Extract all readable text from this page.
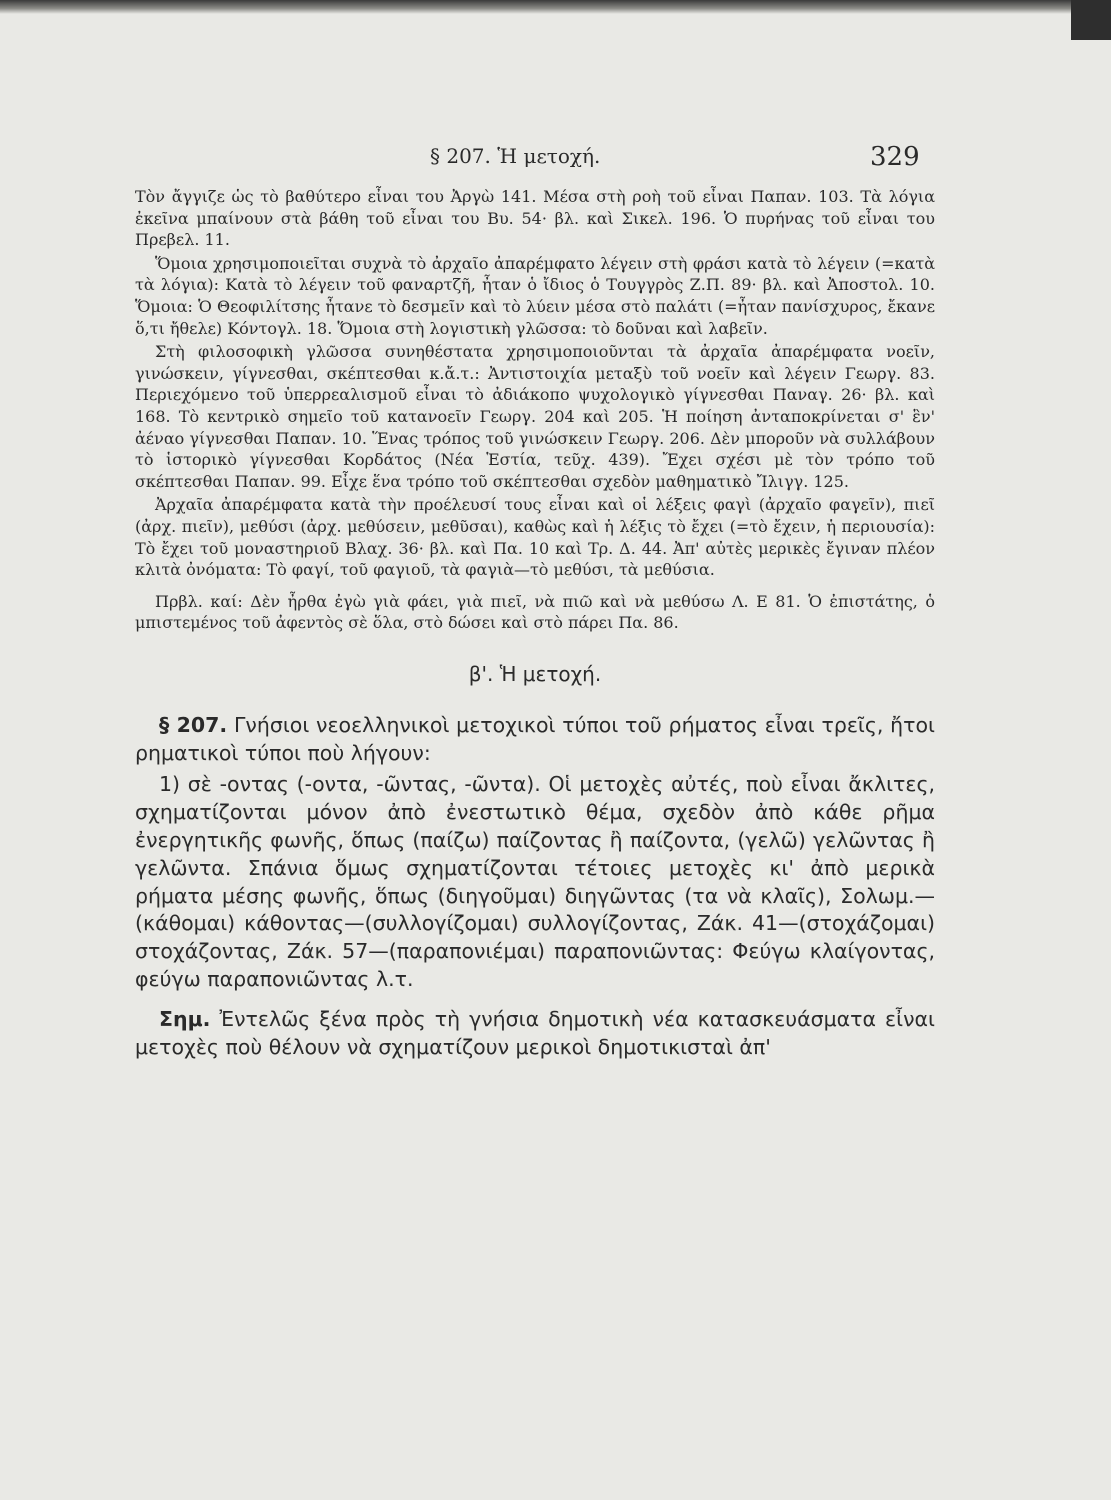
§ 207. Ἡ μετοχή.	329

Τὸν ἄγγιζε ὡς τὸ βαθύτερο εἶναι του Ἀργὼ 141. Μέσα στὴ ροὴ τοῦ εἶναι Παπαν. 103. Τὰ λόγια ἐκεῖνα μπαίνουν στὰ βάθη τοῦ εἶναι του Βυ. 54· βλ. καὶ Σικελ. 196. Ὁ πυρήνας τοῦ εἶναι του Πρεβελ. 11.

Ὅμοια χρησιμοποιεῖται συχνὰ τὸ ἀρχαῖο ἀπαρέμφατο λέγειν στὴ φράσι κατὰ τὸ λέγειν (=κατὰ τὰ λόγια): Κατὰ τὸ λέγειν τοῦ φαναρτζῆ, ἦταν ὁ ἴδιος ὁ Τουγγρὸς Ζ.Π. 89· βλ. καὶ Ἀποστολ. 10. Ὅμοια: Ὁ Θεοφιλίτσης ἦτανε τὸ δεσμεῖν καὶ τὸ λύειν μέσα στὸ παλάτι (=ἦταν πανίσχυρος, ἔκανε ὅ,τι ἤθελε) Κόντογλ. 18. Ὅμοια στὴ λογιστικὴ γλῶσσα: τὸ δοῦναι καὶ λαβεῖν.

Στὴ φιλοσοφικὴ γλῶσσα συνηθέστατα χρησιμοποιοῦνται τὰ ἀρχαῖα ἀπαρέμφατα νοεῖν, γινώσκειν, γίγνεσθαι, σκέπτεσθαι κ.ἄ.τ.: Ἀντιστοιχία μεταξὺ τοῦ νοεῖν καὶ λέγειν Γεωργ. 83. Περιεχόμενο τοῦ ὑπερρεαλισμοῦ εἶναι τὸ ἀδιάκοπο ψυχολογικὸ γίγνεσθαι Παναγ. 26· βλ. καὶ 168. Τὸ κεντρικὸ σημεῖο τοῦ κατανοεῖν Γεωργ. 204 καὶ 205. Ἡ ποίηση ἀνταποκρίνεται σ' ἓν' ἀέναο γίγνεσθαι Παπαν. 10. Ἕνας τρόπος τοῦ γινώσκειν Γεωργ. 206. Δὲν μποροῦν νὰ συλλάβουν τὸ ἱστορικὸ γίγνεσθαι Κορδάτος (Νέα Ἑστία, τεῦχ. 439). Ἔχει σχέσι μὲ τὸν τρόπο τοῦ σκέπτεσθαι Παπαν. 99. Εἶχε ἕνα τρόπο τοῦ σκέπτεσθαι σχεδὸν μαθηματικὸ Ἴλιγγ. 125.

Ἀρχαῖα ἀπαρέμφατα κατὰ τὴν προέλευσί τους εἶναι καὶ οἱ λέξεις φαγὶ (ἀρχαῖο φαγεῖν), πιεῖ (ἀρχ. πιεῖν), μεθύσι (ἀρχ. μεθύσειν, μεθῦσαι), καθὼς καὶ ἡ λέξις τὸ ἔχει (=τὸ ἔχειν, ἡ περιουσία): Τὸ ἔχει τοῦ μοναστηριοῦ Βλαχ. 36· βλ. καὶ Πα. 10 καὶ Τρ. Δ. 44. Ἀπ' αὐτὲς μερικὲς ἔγιναν πλέον κλιτὰ ὀνόματα: Τὸ φαγί, τοῦ φαγιοῦ, τὰ φαγιὰ—τὸ μεθύσι, τὰ μεθύσια.

Πρβλ. καί: Δὲν ἦρθα ἐγὼ γιὰ φάει, γιὰ πιεῖ, νὰ πιῶ καὶ νὰ μεθύσω Λ. Ε 81. Ὁ ἐπιστάτης, ὁ μπιστεμένος τοῦ ἀφεντὸς σὲ ὅλα, στὸ δώσει καὶ στὸ πάρει Πα. 86.

β'. Ἡ μετοχή.

§ 207. Γνήσιοι νεοελληνικοὶ μετοχικοὶ τύποι τοῦ ρήματος εἶναι τρεῖς, ἤτοι ρηματικοὶ τύποι ποὺ λήγουν:

1) σὲ -οντας (-οντα, -ῶντας, -ῶντα). Οἱ μετοχὲς αὐτές, ποὺ εἶναι ἄκλιτες, σχηματίζονται μόνον ἀπὸ ἐνεστωτικὸ θέμα, σχεδὸν ἀπὸ κάθε ρῆμα ἐνεργητικῆς φωνῆς, ὅπως (παίζω) παίζοντας ἢ παίζοντα, (γελῶ) γελῶντας ἢ γελῶντα. Σπάνια ὅμως σχηματίζονται τέτοιες μετοχὲς κι' ἀπὸ μερικὰ ρήματα μέσης φωνῆς, ὅπως (διηγοῦμαι) διηγῶντας (τα νὰ κλαῖς), Σολωμ.—(κάθομαι) κάθοντας—(συλλογίζομαι) συλλογίζοντας, Ζάκ. 41—(στοχάζομαι) στοχάζοντας, Ζάκ. 57—(παραπονιέμαι) παραπονιῶντας: Φεύγω κλαίγοντας, φεύγω παραπονιῶντας λ.τ.

Σημ. Ἐντελῶς ξένα πρὸς τὴ γνήσια δημοτικὴ νέα κατασκευάσματα εἶναι μετοχὲς ποὺ θέλουν νὰ σχηματίζουν μερικοὶ δημοτικισταὶ ἀπ'
